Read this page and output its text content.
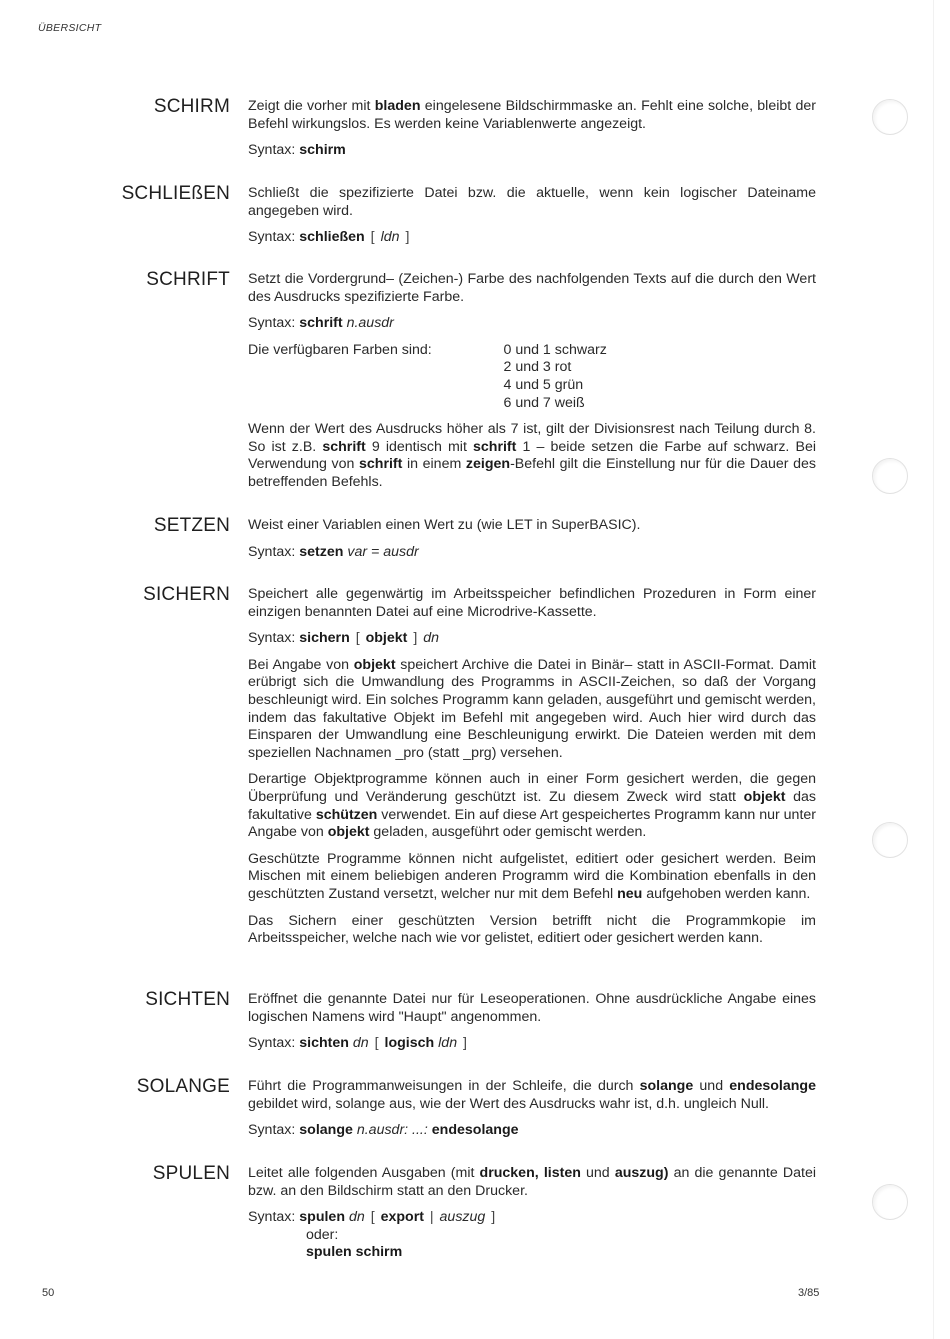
ÜBERSICHT
SCHIRM Zeigt die vorher mit bladen eingelesene Bildschirmmaske an. Fehlt eine solche, bleibt der Befehl wirkungslos. Es werden keine Variablenwerte angezeigt.

Syntax: schirm
SCHLIEßEN Schließt die spezifizierte Datei bzw. die aktuelle, wenn kein logischer Dateiname angegeben wird.

Syntax: schließen [ ldn ]
SCHRIFT Setzt die Vordergrund– (Zeichen-) Farbe des nachfolgenden Texts auf die durch den Wert des Ausdrucks spezifizierte Farbe.

Syntax: schrift n.ausdr
Die verfügbaren Farben sind:	0 und 1 schwarz
2 und 3 rot
4 und 5 grün
6 und 7 weiß

Wenn der Wert des Ausdrucks höher als 7 ist, gilt der Divisionsrest nach Teilung durch 8. So ist z.B. schrift 9 identisch mit schrift 1 – beide setzen die Farbe auf schwarz. Bei Verwendung von schrift in einem zeigen-Befehl gilt die Einstellung nur für die Dauer des betreffenden Befehls.

SETZEN Weist einer Variablen einen Wert zu (wie LET in SuperBASIC).

Syntax: setzen var = ausdr
SICHERN Speichert alle gegenwärtig im Arbeitsspeicher befindlichen Prozeduren in Form einer einzigen benannten Datei auf eine Microdrive-Kassette.

Syntax: sichern [ objekt ] dn

Bei Angabe von objekt speichert Archive die Datei in Binär– statt in ASCII-Format. Damit erübrigt sich die Umwandlung des Programms in ASCII-Zeichen, so daß der Vorgang beschleunigt wird. Ein solches Programm kann geladen, ausgeführt und gemischt werden, indem das fakultative Objekt im Befehl mit angegeben wird. Auch hier wird durch das Einsparen der Umwandlung eine Beschleunigung erwirkt. Die Dateien werden mit dem speziellen Nachnamen _pro (statt _prg) versehen.

Derartige Objektprogramme können auch in einer Form gesichert werden, die gegen Überprüfung und Veränderung geschützt ist. Zu diesem Zweck wird statt objekt das fakultative schützen verwendet. Ein auf diese Art gespeichertes Programm kann nur unter Angabe von objekt geladen, ausgeführt oder gemischt werden.

Geschützte Programme können nicht aufgelistet, editiert oder gesichert werden. Beim Mischen mit einem beliebigen anderen Programm wird die Kombination ebenfalls in den geschützten Zustand versetzt, welcher nur mit dem Befehl neu aufgehoben werden kann.

Das Sichern einer geschützten Version betrifft nicht die Programmkopie im Arbeitsspeicher, welche nach wie vor gelistet, editiert oder gesichert werden kann.

SICHTEN Eröffnet die genannte Datei nur für Leseoperationen. Ohne ausdrückliche Angabe eines logischen Namens wird "Haupt" angenommen.

Syntax: sichten dn [ logisch ldn ]
SOLANGE Führt die Programmanweisungen in der Schleife, die durch solange und endesolange gebildet wird, solange aus, wie der Wert des Ausdrucks wahr ist, d.h. ungleich Null.

Syntax: solange n.ausdr: ...: endesolange
SPULEN Leitet alle folgenden Ausgaben (mit drucken, listen und auszug) an die genannte Datei bzw. an den Bildschirm statt an den Drucker.

Syntax: spulen dn [ export | auszug ]
oder:
spulen schirm
50	3/85
